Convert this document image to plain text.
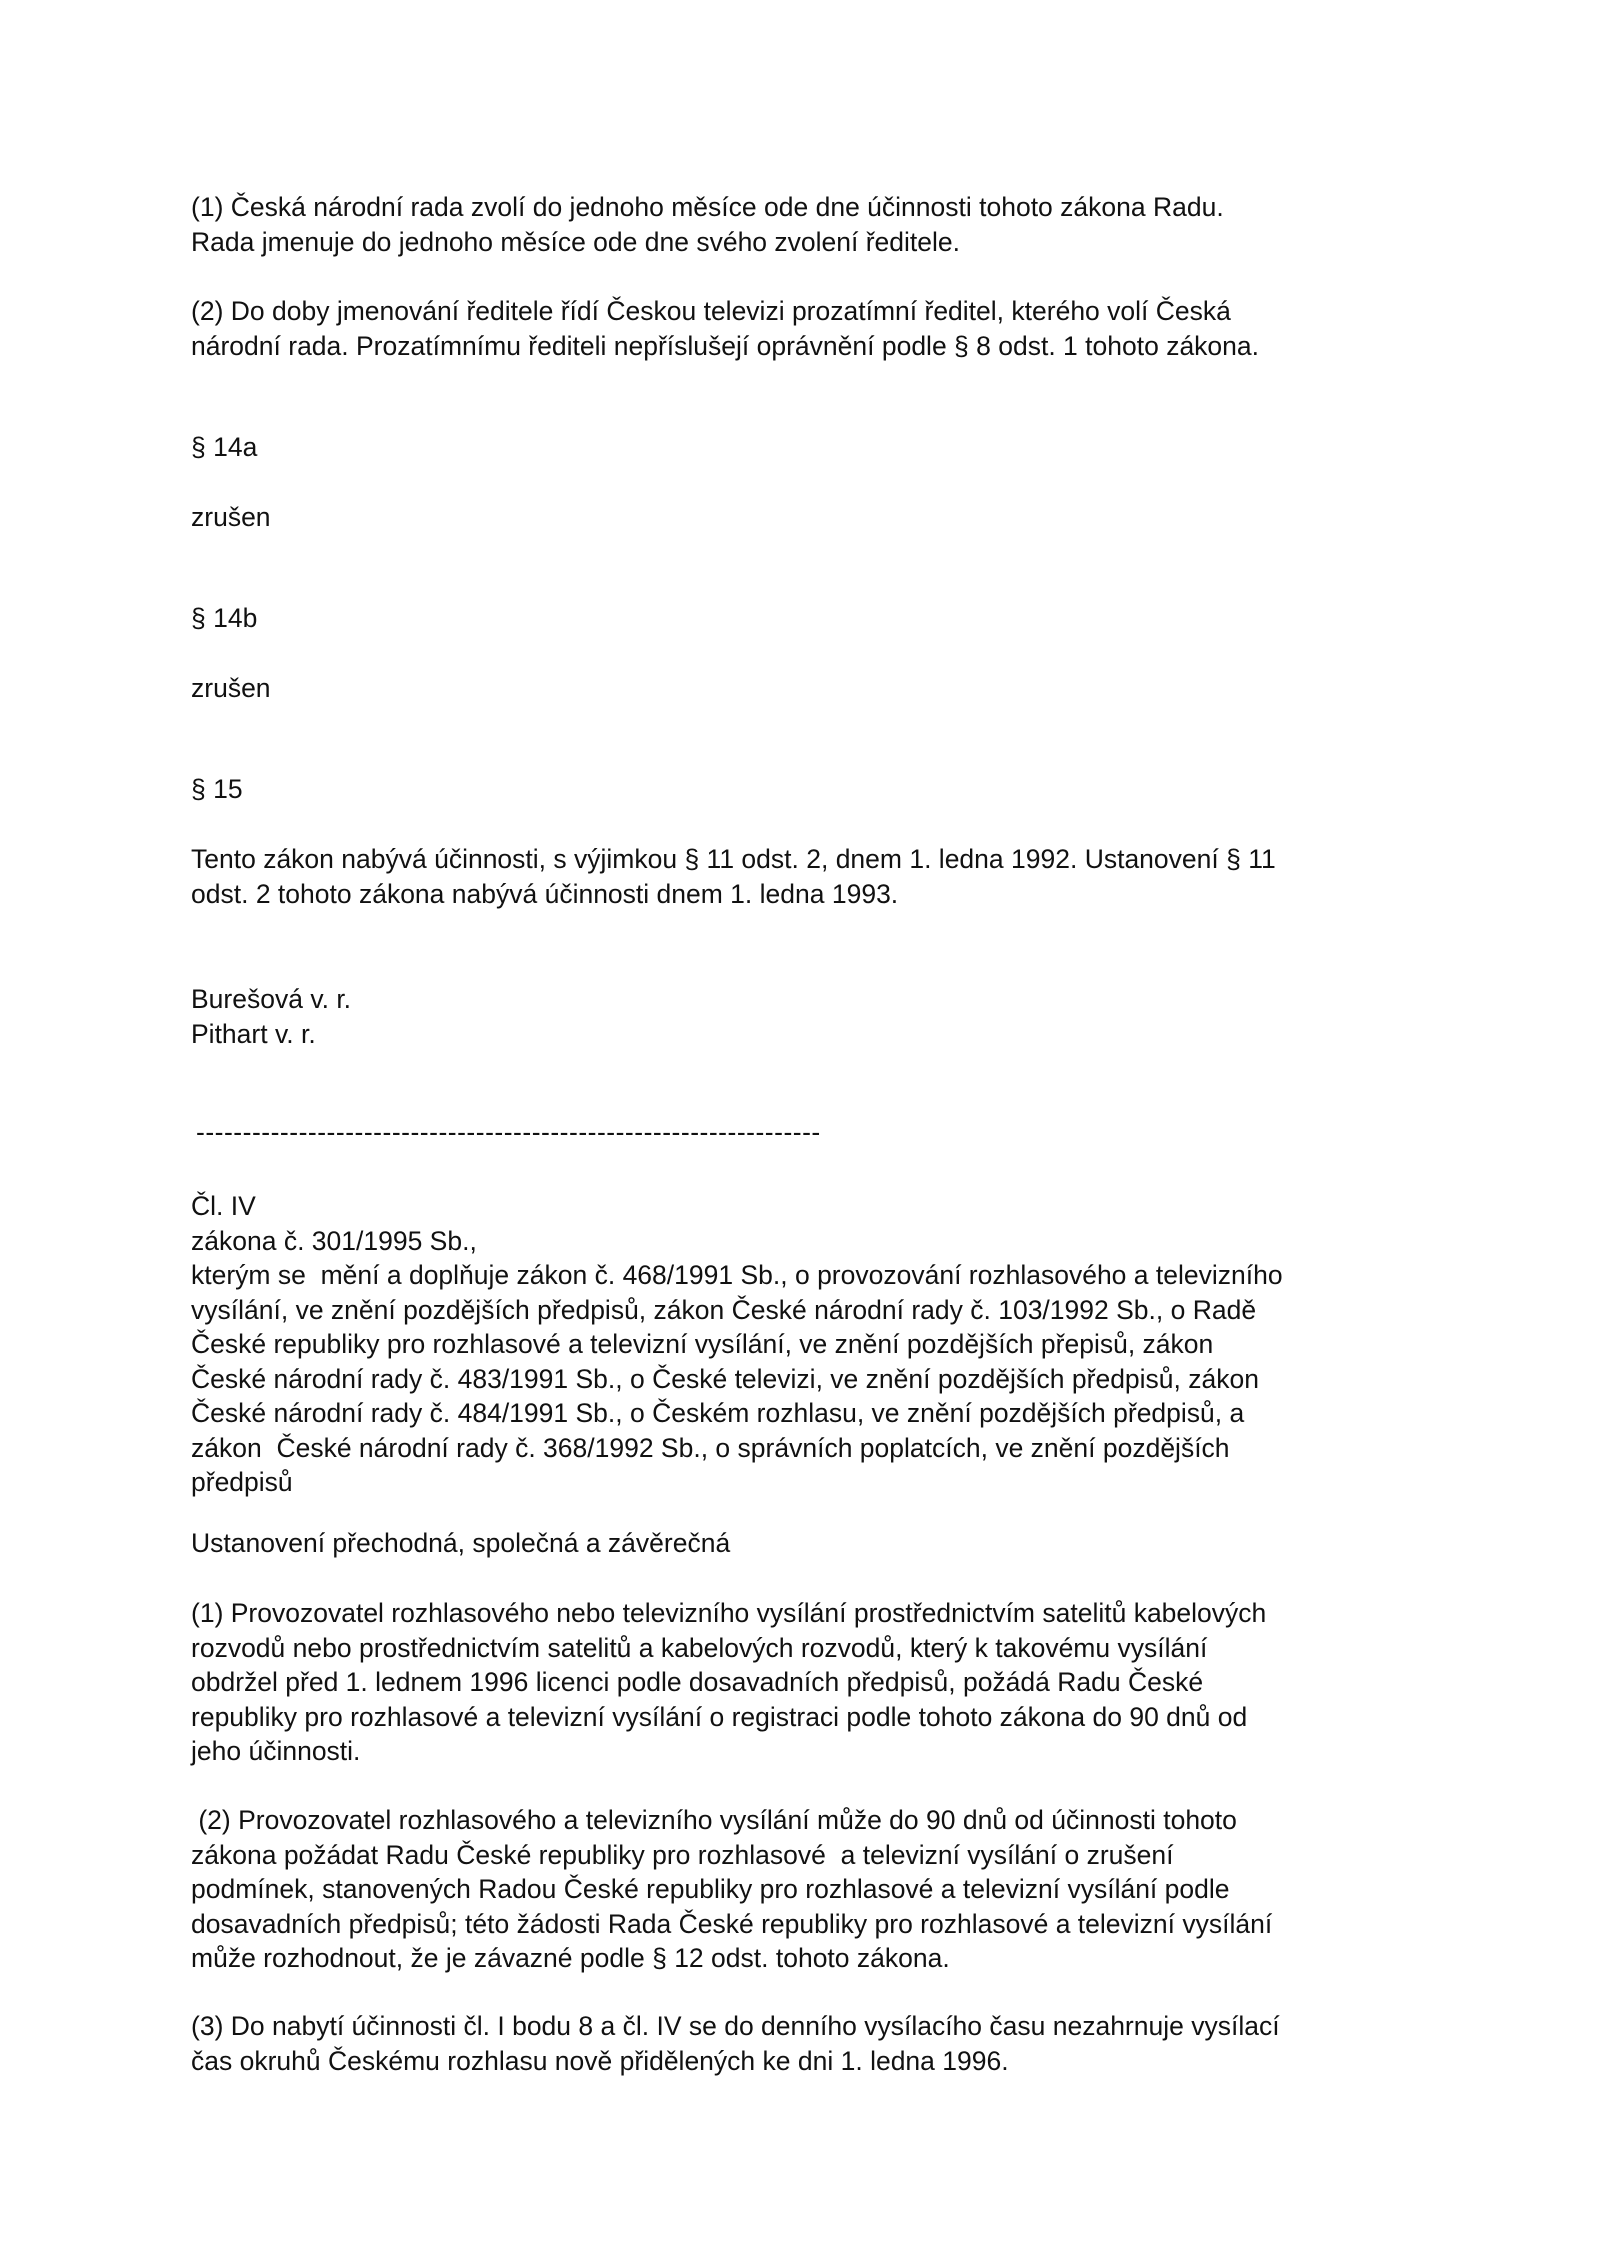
(1) Česká národní rada zvolí do jednoho měsíce ode dne účinnosti tohoto zákona Radu.
Rada jmenuje do jednoho měsíce ode dne svého zvolení ředitele.

(2) Do doby jmenování ředitele řídí Českou televizi prozatímní ředitel, kterého volí Česká
národní rada. Prozatímnímu řediteli nepříslušejí oprávnění podle § 8 odst. 1 tohoto zákona.

§ 14a

zrušen

§ 14b

zrušen

§ 15

Tento zákon nabývá účinnosti, s výjimkou § 11 odst. 2, dnem 1. ledna 1992. Ustanovení § 11
odst. 2 tohoto zákona nabývá účinnosti dnem 1. ledna 1993.

Burešová v. r.
Pithart v. r.

-------------------------------------------------------------------

Čl. IV
zákona č. 301/1995 Sb.,
kterým se  mění a doplňuje zákon č. 468/1991 Sb., o provozování rozhlasového a televizního
vysílání, ve znění pozdějších předpisů, zákon České národní rady č. 103/1992 Sb., o Radě
České republiky pro rozhlasové a televizní vysílání, ve znění pozdějších přepisů, zákon
České národní rady č. 483/1991 Sb., o České televizi, ve znění pozdějších předpisů, zákon
České národní rady č. 484/1991 Sb., o Českém rozhlasu, ve znění pozdějších předpisů, a
zákon  České národní rady č. 368/1992 Sb., o správních poplatcích, ve znění pozdějších
předpisů

Ustanovení přechodná, společná a závěrečná

(1) Provozovatel rozhlasového nebo televizního vysílání prostřednictvím satelitů kabelových
rozvodů nebo prostřednictvím satelitů a kabelových rozvodů, který k takovému vysílání
obdržel před 1. lednem 1996 licenci podle dosavadních předpisů, požádá Radu České
republiky pro rozhlasové a televizní vysílání o registraci podle tohoto zákona do 90 dnů od
jeho účinnosti.

(2) Provozovatel rozhlasového a televizního vysílání může do 90 dnů od účinnosti tohoto
zákona požádat Radu České republiky pro rozhlasové  a televizní vysílání o zrušení
podmínek, stanovených Radou České republiky pro rozhlasové a televizní vysílání podle
dosavadních předpisů; této žádosti Rada České republiky pro rozhlasové a televizní vysílání
může rozhodnout, že je závazné podle § 12 odst. tohoto zákona.

(3) Do nabytí účinnosti čl. I bodu 8 a čl. IV se do denního vysílacího času nezahrnuje vysílací
čas okruhů Českému rozhlasu nově přidělených ke dni 1. ledna 1996.
